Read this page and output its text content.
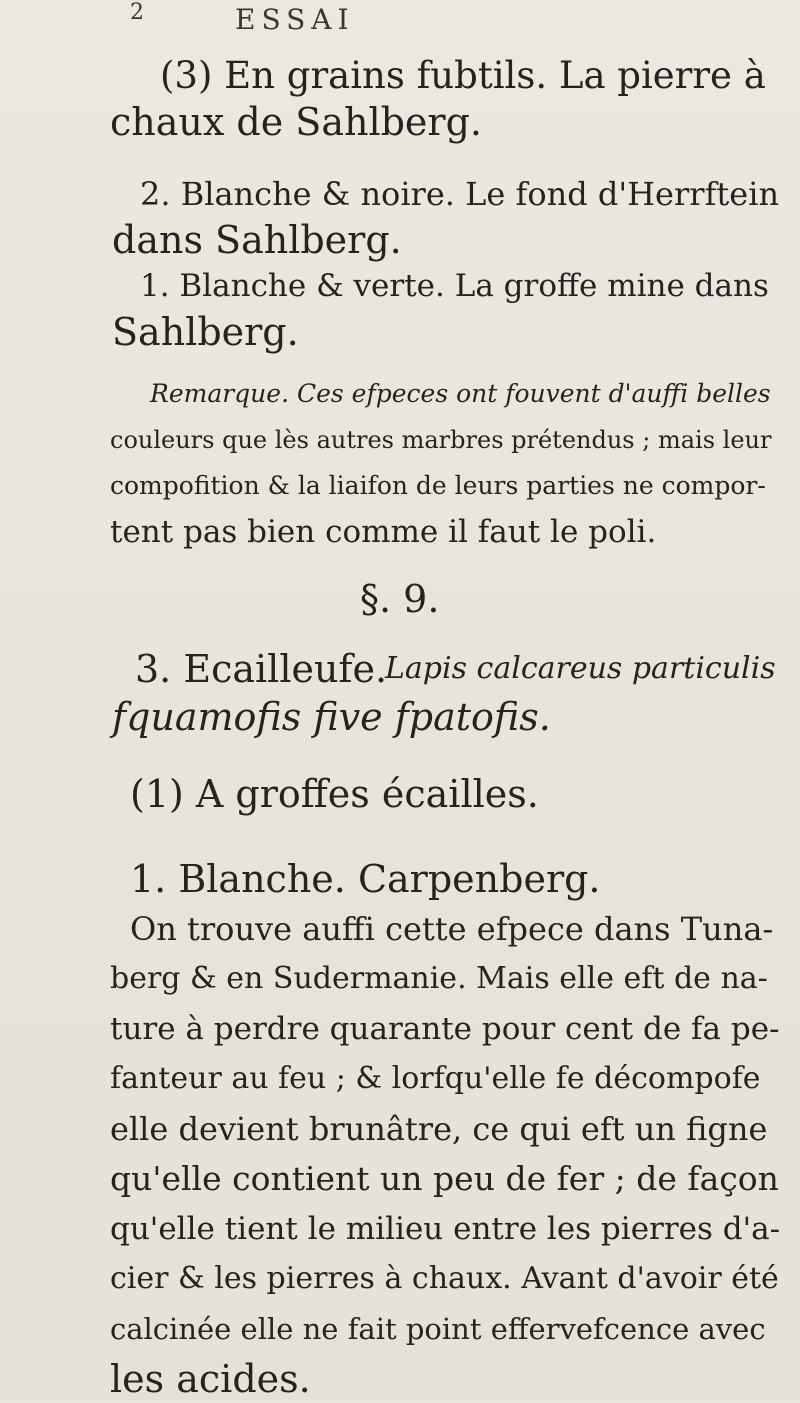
2	ESSAI
(3) En grains fubtils. La pierre à
chaux de Sahlberg.
2. Blanche & noire. Le fond d'Herrftein
dans Sahlberg.
1. Blanche & verte. La groffe mine dans
Sahlberg.
Remarque. Ces efpeces ont fouvent d'auffi belles
couleurs que lès autres marbres prétendus ; mais leur
compofition & la liaifon de leurs parties ne compor-
tent pas bien comme il faut le poli.
§. 9.
3. Ecailleufe.
Lapis calcareus particulis
fquamofis five fpatofis.
(1) A groffes écailles.
1. Blanche. Carpenberg.
On trouve auffi cette efpece dans Tuna-
berg & en Sudermanie. Mais elle eft de na-
ture à perdre quarante pour cent de fa pe-
fanteur au feu ; & lorfqu'elle fe décompofe
elle devient brunâtre, ce qui eft un figne
qu'elle contient un peu de fer ; de façon
qu'elle tient le milieu entre les pierres d'a-
cier & les pierres à chaux. Avant d'avoir été
calcinée elle ne fait point effervefcence avec
les acides.
